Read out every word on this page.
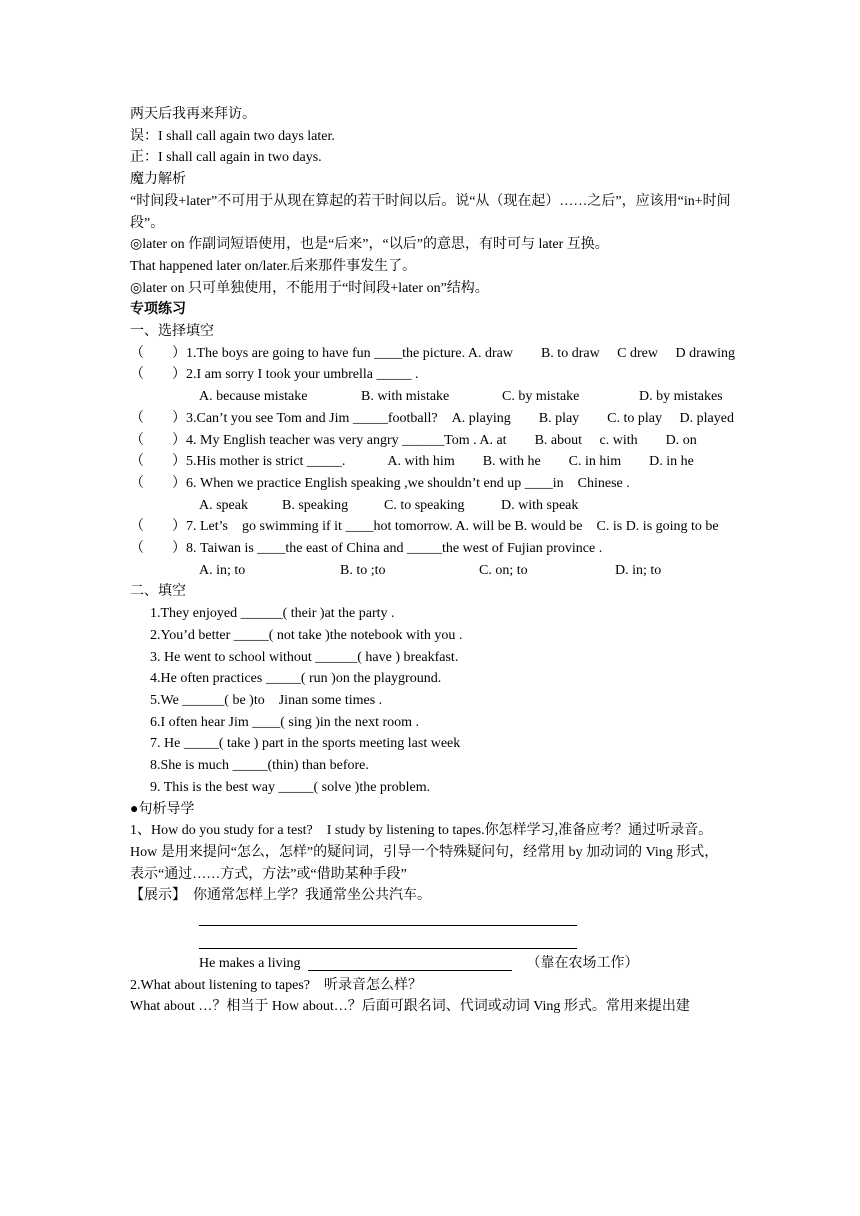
两天后我再来拜访。
误：I shall call again two days later.
正：I shall call again in two days.
魔力解析
“时间段+later”不可用于从现在算起的若干时间以后。说“从（现在起）……之后”，应该用“in+时间段”。
◎later on 作副词短语使用，也是“后来”，“以后”的意思，有时可与 later 互换。
That happened later on/later.后来那件事发生了。
◎later on 只可单独使用，不能用于“时间段+later on”结构。
专项练习
一、选择填空
（　　）1.The boys are going to have fun ____the picture. A. draw　　B. to draw　 C drew　 D drawing
（　　）2.I am sorry I took your umbrella _____ .
A. because mistake	B. with mistake	C. by mistake	D. by mistakes
（　　）3.Can’t you see Tom and Jim _____football?　A. playing　　B. play　　C. to play　 D. played
（　　）4. My English teacher was very angry ______Tom . A. at　　B. about　 c. with　　D. on
（　　）5.His mother is strict _____.　　　A. with him　　B. with he　　C. in him　　D. in he
（　　）6. When we practice English speaking ,we shouldn’t end up ____in　Chinese .
A. speak	B. speaking	C. to speaking	D. with speak
（　　）7. Let’s　go swimming if it ____hot tomorrow. A. will be B. would be　C. is D. is going to be
（　　）8. Taiwan is ____the east of China and _____the west of Fujian province .
A. in; to	B. to ;to	C. on; to	D. in; to
二、填空
1.They enjoyed ______( their )at the party .
2.You’d better _____( not take )the notebook with you .
3. He went to school without ______( have ) breakfast.
4.He often practices _____( run )on the playground.
5.We ______( be )to　Jinan some times .
6.I often hear Jim ____( sing )in the next room .
7. He _____( take ) part in the sports meeting last week
8.She is much _____(thin) than before.
9. This is the best way _____( solve )the problem.
●句析导学
1、How do you study for a test?　I study by listening to tapes.你怎样学习,准备应考？通过听录音。
How 是用来提问“怎么，怎样”的疑问词，引导一个特殊疑问句，经常用 by 加动词的 Ving 形式，　表示“通过……方式，方法”或“借助某种手段”
【展示】　你通常怎样上学？我通常坐公共汽车。
He makes a living	（靠在农场工作）
2.What about listening to tapes?　听录音怎么样？
What about …？相当于 How about…？后面可跟名词、代词或动词 Ving 形式。常用来提出建
